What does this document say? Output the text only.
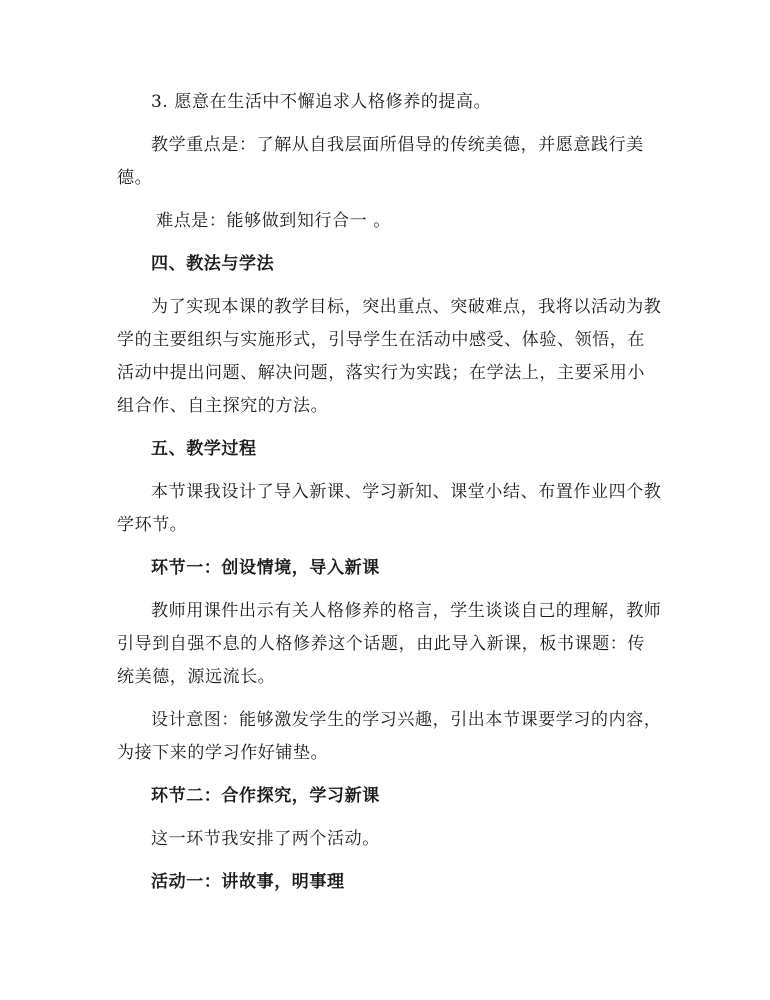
3. 愿意在生活中不懈追求人格修养的提高。

教学重点是：了解从自我层面所倡导的传统美德，并愿意践行美德。

难点是：能够做到知行合一 。

四、教法与学法

为了实现本课的教学目标，突出重点、突破难点，我将以活动为教学的主要组织与实施形式，引导学生在活动中感受、体验、领悟，在活动中提出问题、解决问题，落实行为实践；在学法上，主要采用小组合作、自主探究的方法。

五、教学过程

本节课我设计了导入新课、学习新知、课堂小结、布置作业四个教学环节。

环节一：创设情境，导入新课

教师用课件出示有关人格修养的格言，学生谈谈自己的理解，教师引导到自强不息的人格修养这个话题，由此导入新课，板书课题：传统美德，源远流长。

设计意图：能够激发学生的学习兴趣，引出本节课要学习的内容，为接下来的学习作好铺垫。

环节二：合作探究，学习新课

这一环节我安排了两个活动。

活动一：讲故事，明事理
